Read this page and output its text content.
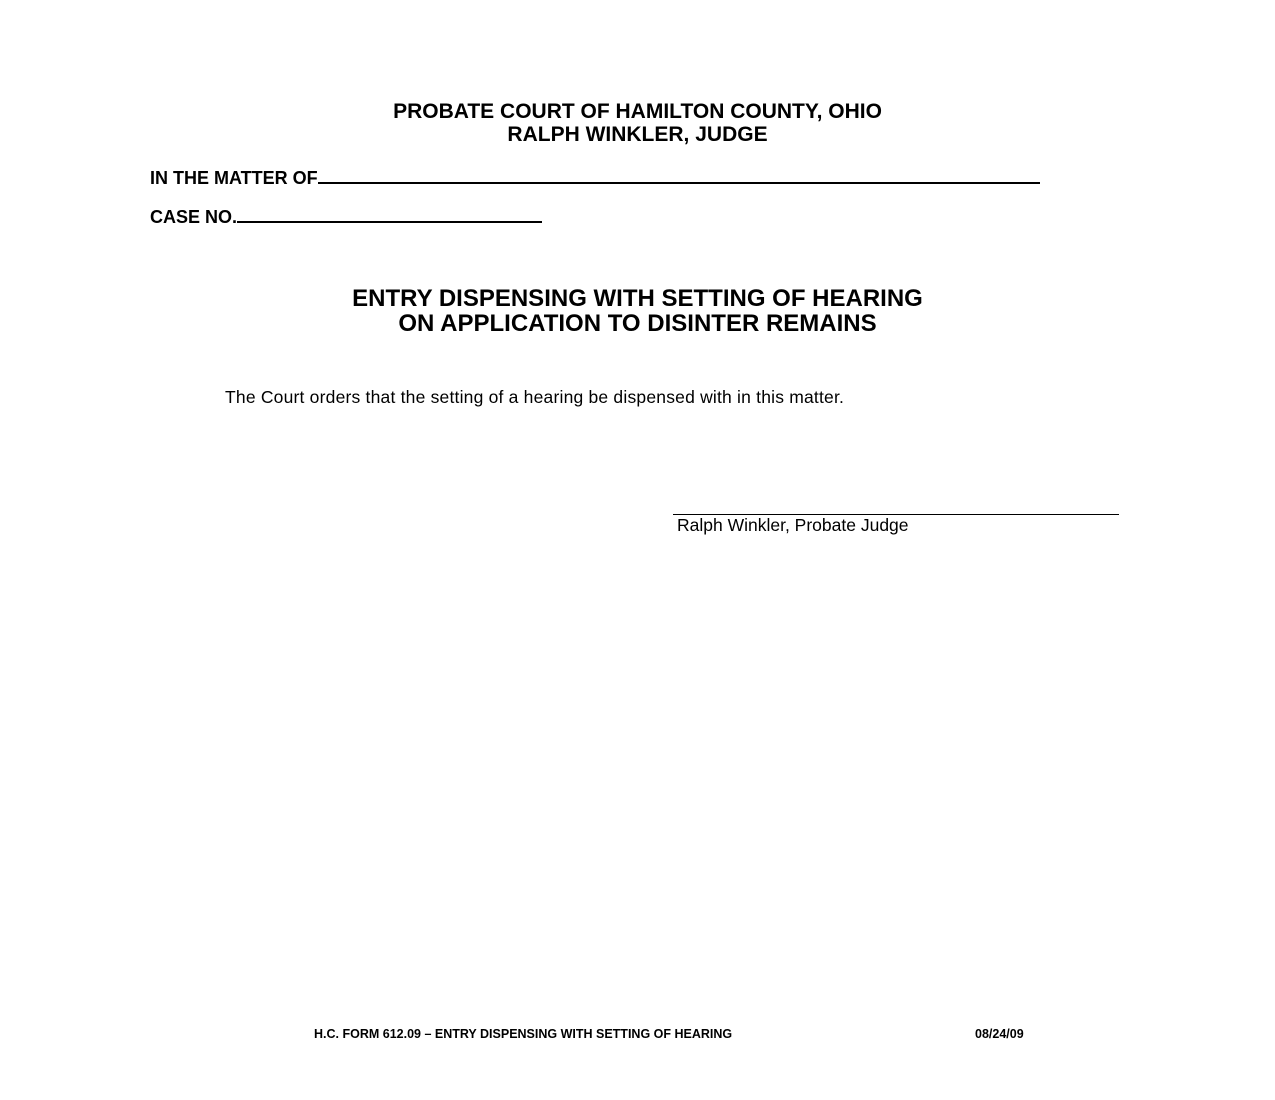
PROBATE COURT OF HAMILTON COUNTY, OHIO
RALPH WINKLER, JUDGE
IN THE MATTER OF
CASE NO.
ENTRY DISPENSING WITH SETTING OF HEARING
ON APPLICATION TO DISINTER REMAINS
The Court orders that the setting of a hearing be dispensed with in this matter.
Ralph Winkler, Probate Judge
H.C. FORM 612.09 – ENTRY DISPENSING WITH SETTING OF HEARING	08/24/09
